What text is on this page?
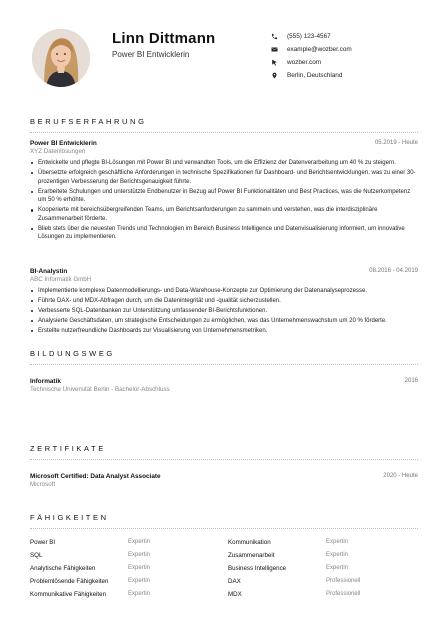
Linn Dittmann
Power BI Entwicklerin
(555) 123-4567
example@wozber.com
wozber.com
Berlin, Deutschland
BERUFSERFAHRUNG
Power BI Entwicklerin	05.2019 - Heute
XYZ Datenlösungen
Entwickelte und pflegte BI-Lösungen mit Power BI und verwandten Tools, um die Effizienz der Datenverarbeitung um 40 % zu steigern.
Übersetzte erfolgreich geschäftliche Anforderungen in technische Spezifikationen für Dashboard- und Berichtsentwicklungen, was zu einer 30-prozentigen Verbesserung der Berichtsgenauigkeit führte.
Erarbeitete Schulungen und unterstützte Endbenutzer in Bezug auf Power BI Funktionalitäten und Best Practices, was die Nutzerkompetenz um 50 % erhöhte.
Kooperierte mit bereichsübergreifenden Teams, um Berichtsanforderungen zu sammeln und verstehen, was die interdisziplinäre Zusammenarbeit förderte.
Blieb stets über die neuesten Trends und Technologien im Bereich Business Intelligence und Datenvisualisierung informiert, um innovative Lösungen zu implementieren.
BI-Analystin	08.2016 - 04.2019
ABC Informatik GmbH
Implementierte komplexe Datenmodellierungs- und Data-Warehouse-Konzepte zur Optimierung der Datenanalyseprozesse.
Führte DAX- und MDX-Abfragen durch, um die Datenintegrität und -qualität sicherzustellen.
Verbesserte SQL-Datenbanken zur Unterstützung umfassender BI-Berichtsfunktionen.
Analysierte Geschäftsdaten, um strategische Entscheidungen zu ermöglichen, was das Unternehmenswachstum um 20 % förderte.
Erstellte nutzerfreundliche Dashboards zur Visualisierung von Unternehmensmetriken.
BILDUNGSWEG
Informatik	2016
Technische Universität Berlin - Bachelor-Abschluss
ZERTIFIKATE
Microsoft Certified: Data Analyst Associate	2020 - Heute
Microsoft
FÄHIGKEITEN
Power BI	Expertin	Kommunikation	Expertin
SQL	Expertin	Zusammenarbeit	Expertin
Analytische Fähigkeiten	Expertin	Business Intelligence	Expertin
Problemlösende Fähigkeiten	Expertin	DAX	Professionell
Kommunikative Fähigkeiten	Expertin	MDX	Professionell
